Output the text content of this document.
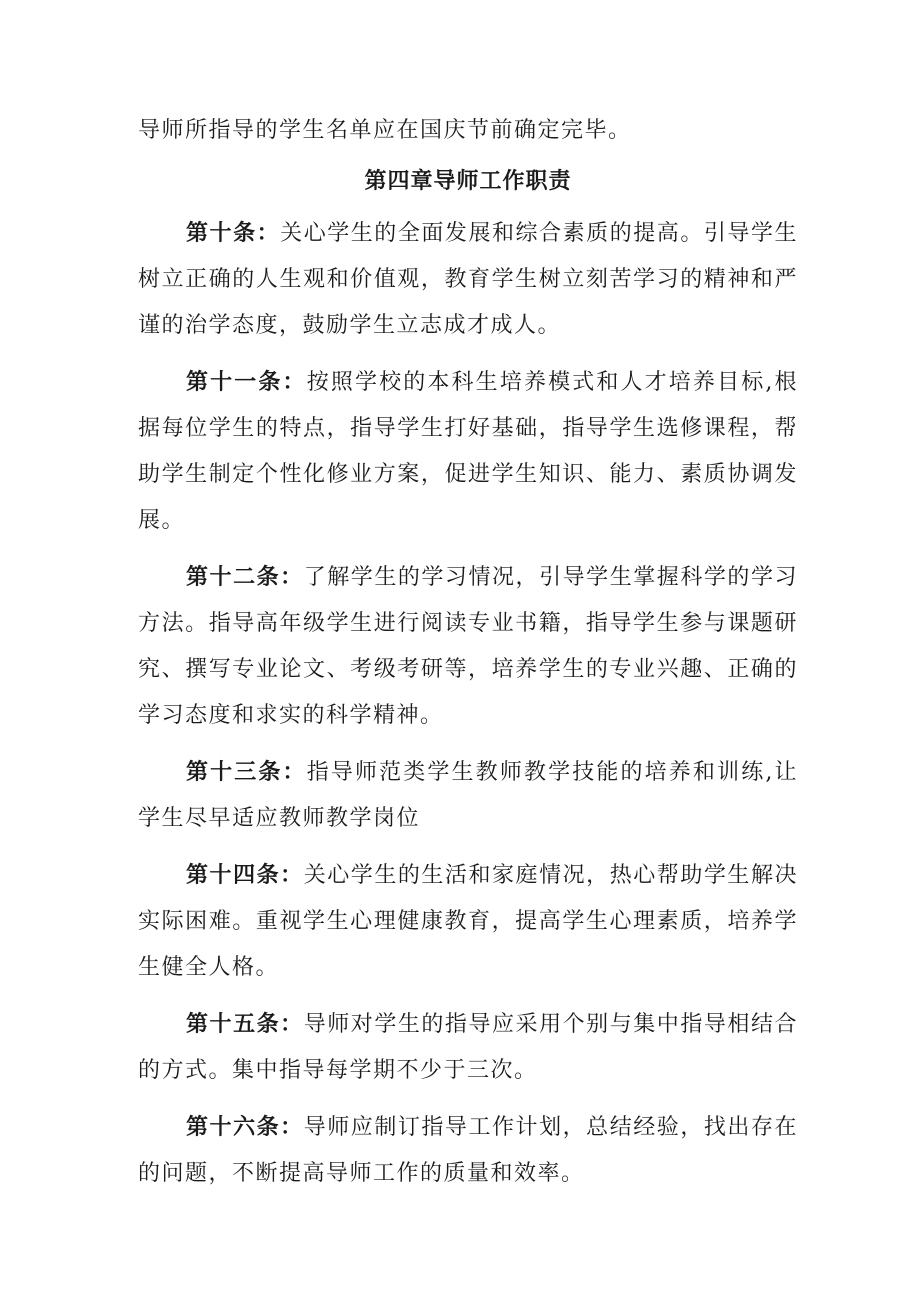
导师所指导的学生名单应在国庆节前确定完毕。

第四章导师工作职责

第十条：关心学生的全面发展和综合素质的提高。引导学生树立正确的人生观和价值观，教育学生树立刻苦学习的精神和严谨的治学态度，鼓励学生立志成才成人。

第十一条：按照学校的本科生培养模式和人才培养目标,根据每位学生的特点，指导学生打好基础，指导学生选修课程，帮助学生制定个性化修业方案，促进学生知识、能力、素质协调发展。

第十二条：了解学生的学习情况，引导学生掌握科学的学习方法。指导高年级学生进行阅读专业书籍，指导学生参与课题研究、撰写专业论文、考级考研等，培养学生的专业兴趣、正确的学习态度和求实的科学精神。

第十三条：指导师范类学生教师教学技能的培养和训练,让学生尽早适应教师教学岗位

第十四条：关心学生的生活和家庭情况，热心帮助学生解决实际困难。重视学生心理健康教育，提高学生心理素质，培养学生健全人格。

第十五条：导师对学生的指导应采用个别与集中指导相结合的方式。集中指导每学期不少于三次。

第十六条：导师应制订指导工作计划，总结经验，找出存在的问题，不断提高导师工作的质量和效率。
